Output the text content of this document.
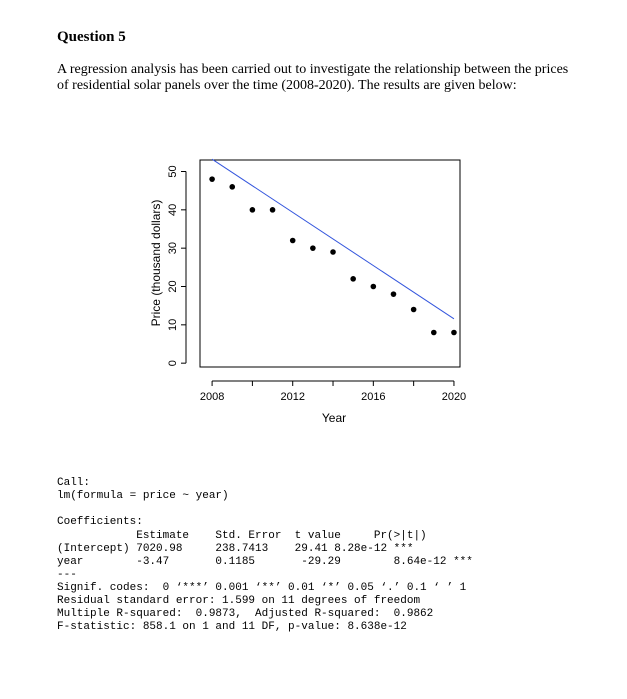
Question 5
A regression analysis has been carried out to investigate the relationship between the prices
of residential solar panels over the time (2008-2020). The results are given below:
0
10
20
30
40
50
2008	2012	2016	2020
Price (thousand dollars)
Year
Call:
lm(formula = price ~ year)
Coefficients:
Estimate    Std. Error  t value     Pr(>|t|)
(Intercept) 7020.98     238.7413    29.41 8.28e-12 ***
year        -3.47       0.1185       -29.29        8.64e-12 ***
---
Signif. codes:  0 ‘***’ 0.001 ‘**’ 0.01 ‘*’ 0.05 ‘.’ 0.1 ‘ ’ 1
Residual standard error: 1.599 on 11 degrees of freedom
Multiple R-squared:  0.9873,  Adjusted R-squared:  0.9862
F-statistic: 858.1 on 1 and 11 DF, p-value: 8.638e-12
